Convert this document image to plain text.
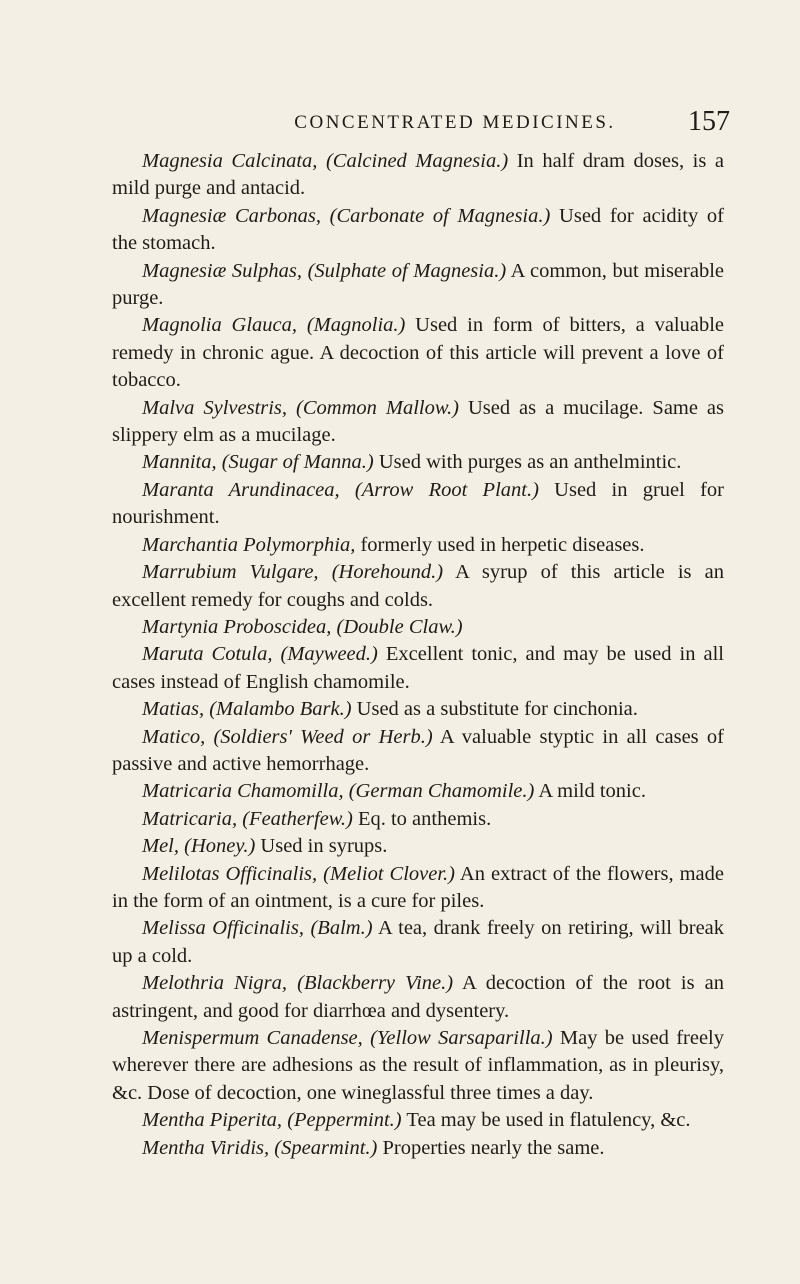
CONCENTRATED MEDICINES.	157

Magnesia Calcinata, (Calcined Magnesia.) In half dram doses, is a mild purge and antacid.

Magnesiæ Carbonas, (Carbonate of Magnesia.) Used for acidity of the stomach.

Magnesiæ Sulphas, (Sulphate of Magnesia.) A common, but miserable purge.

Magnolia Glauca, (Magnolia.) Used in form of bitters, a valuable remedy in chronic ague. A decoction of this article will prevent a love of tobacco.

Malva Sylvestris, (Common Mallow.) Used as a mucilage. Same as slippery elm as a mucilage.

Mannita, (Sugar of Manna.) Used with purges as an anthelmintic.

Maranta Arundinacea, (Arrow Root Plant.) Used in gruel for nourishment.

Marchantia Polymorphia, formerly used in herpetic diseases.

Marrubium Vulgare, (Horehound.) A syrup of this article is an excellent remedy for coughs and colds.

Martynia Proboscidea, (Double Claw.)

Maruta Cotula, (Mayweed.) Excellent tonic, and may be used in all cases instead of English chamomile.

Matias, (Malambo Bark.) Used as a substitute for cinchonia.

Matico, (Soldiers' Weed or Herb.) A valuable styptic in all cases of passive and active hemorrhage.

Matricaria Chamomilla, (German Chamomile.) A mild tonic.

Matricaria, (Featherfew.) Eq. to anthemis.

Mel, (Honey.) Used in syrups.

Melilotas Officinalis, (Meliot Clover.) An extract of the flowers, made in the form of an ointment, is a cure for piles.

Melissa Officinalis, (Balm.) A tea, drank freely on retiring, will break up a cold.

Melothria Nigra, (Blackberry Vine.) A decoction of the root is an astringent, and good for diarrhœa and dysentery.

Menispermum Canadense, (Yellow Sarsaparilla.) May be used freely wherever there are adhesions as the result of inflammation, as in pleurisy, &c. Dose of decoction, one wineglassful three times a day.

Mentha Piperita, (Peppermint.) Tea may be used in flatulency, &c.

Mentha Viridis, (Spearmint.) Properties nearly the same.
